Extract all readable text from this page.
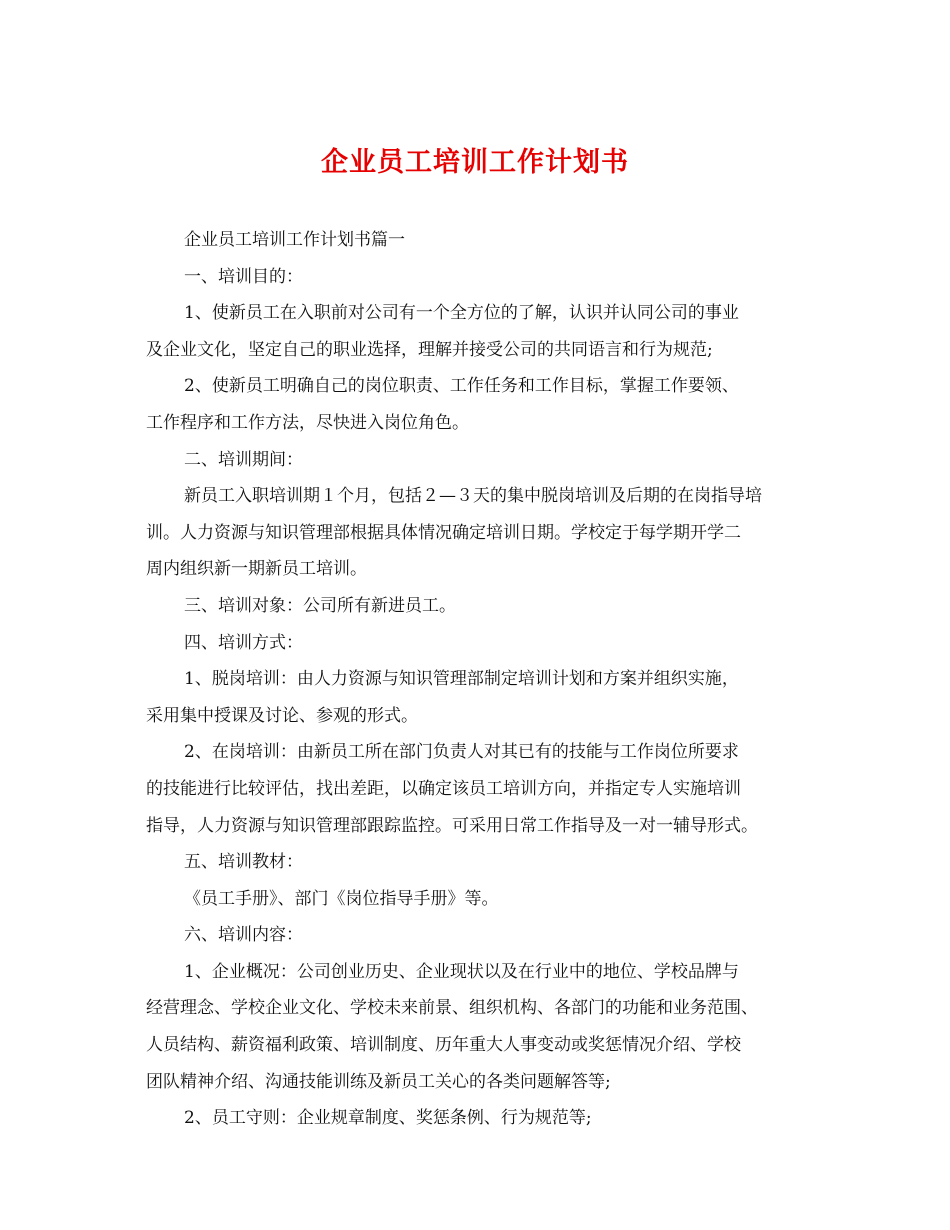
企业员工培训工作计划书

企业员工培训工作计划书篇一

一、培训目的：

1、使新员工在入职前对公司有一个全方位的了解，认识并认同公司的事业

及企业文化，坚定自己的职业选择，理解并接受公司的共同语言和行为规范;

2、使新员工明确自己的岗位职责、工作任务和工作目标，掌握工作要领、

工作程序和工作方法，尽快进入岗位角色。

二、培训期间：

新员工入职培训期１个月，包括２—３天的集中脱岗培训及后期的在岗指导培

训。人力资源与知识管理部根据具体情况确定培训日期。学校定于每学期开学二

周内组织新一期新员工培训。

三、培训对象：公司所有新进员工。

四、培训方式：

1、脱岗培训：由人力资源与知识管理部制定培训计划和方案并组织实施，

采用集中授课及讨论、参观的形式。

2、在岗培训：由新员工所在部门负责人对其已有的技能与工作岗位所要求

的技能进行比较评估，找出差距，以确定该员工培训方向，并指定专人实施培训

指导，人力资源与知识管理部跟踪监控。可采用日常工作指导及一对一辅导形式。

五、培训教材：

《员工手册》、部门《岗位指导手册》等。

六、培训内容：

1、企业概况：公司创业历史、企业现状以及在行业中的地位、学校品牌与

经营理念、学校企业文化、学校未来前景、组织机构、各部门的功能和业务范围、

人员结构、薪资福利政策、培训制度、历年重大人事变动或奖惩情况介绍、学校

团队精神介绍、沟通技能训练及新员工关心的各类问题解答等;

2、员工守则：企业规章制度、奖惩条例、行为规范等;
